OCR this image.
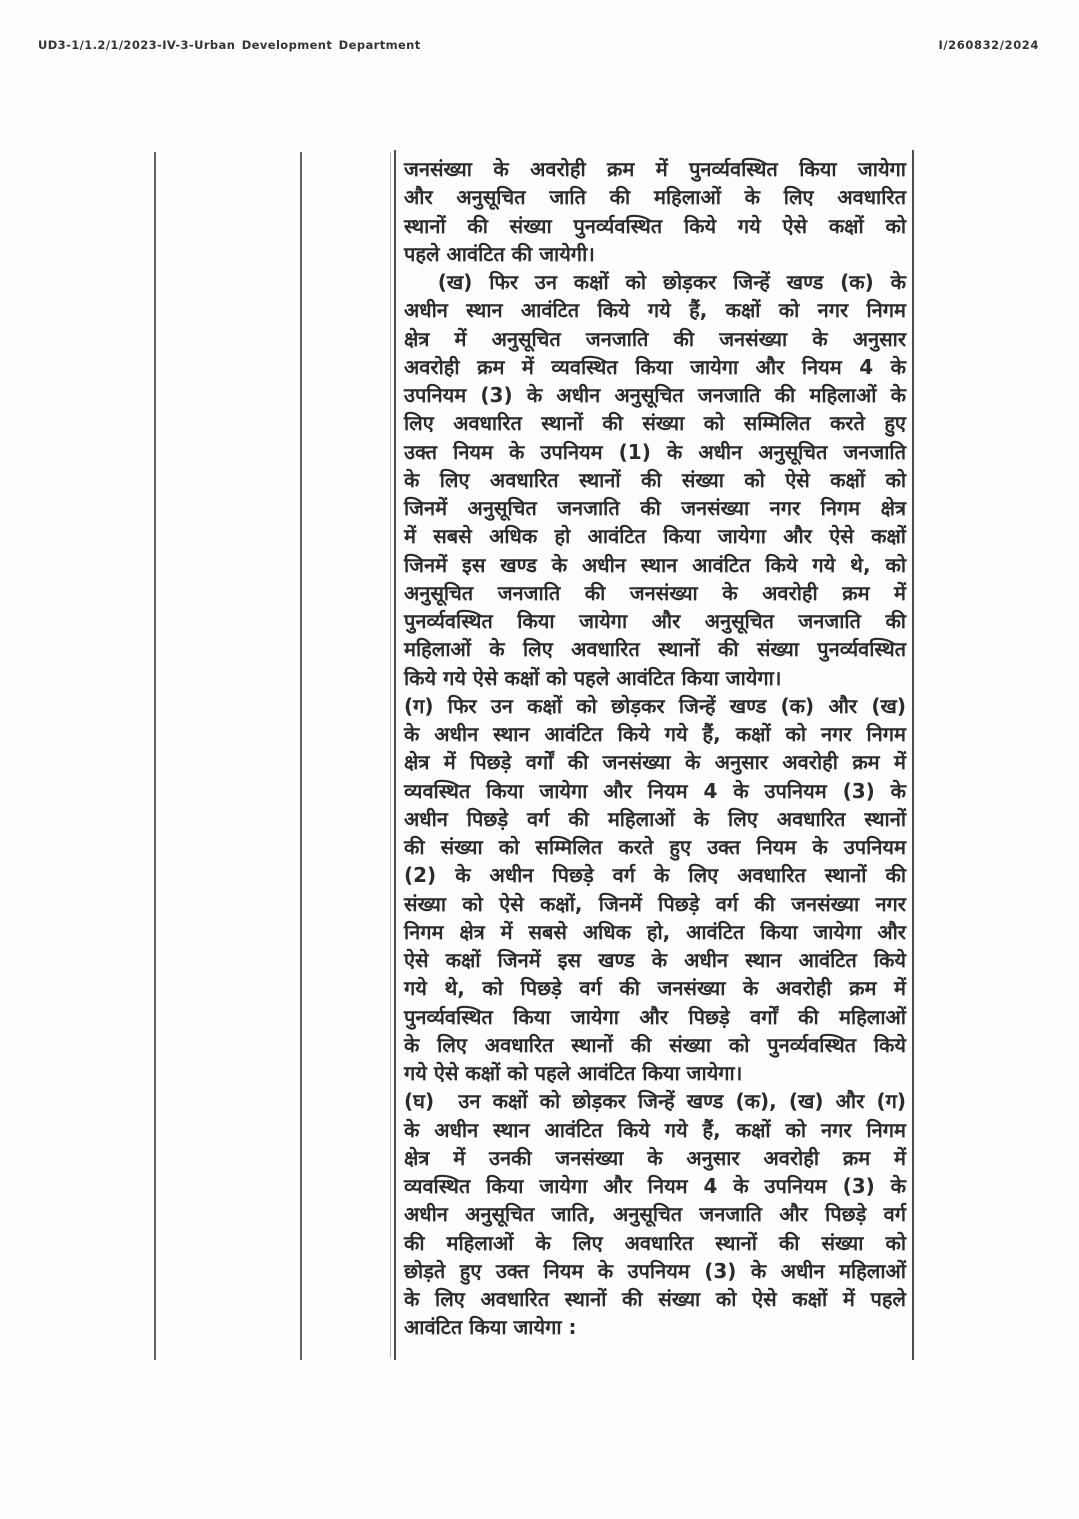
UD3-1/1.2/1/2023-IV-3-Urban Development Department	I/260832/2024
जनसंख्या के अवरोही क्रम में पुनर्व्यवस्थित किया जायेगा
और अनुसूचित जाति की महिलाओं के लिए अवधारित
स्थानों की संख्या पुनर्व्यवस्थित किये गये ऐसे कक्षों को
पहले आवंटित की जायेगी।
(ख) फिर उन कक्षों को छोड़कर जिन्हें खण्ड (क) के
अधीन स्थान आवंटित किये गये हैं, कक्षों को नगर निगम
क्षेत्र में अनुसूचित जनजाति की जनसंख्या के अनुसार
अवरोही क्रम में व्यवस्थित किया जायेगा और नियम 4 के
उपनियम (3) के अधीन अनुसूचित जनजाति की महिलाओं के
लिए अवधारित स्थानों की संख्या को सम्मिलित करते हुए
उक्त नियम के उपनियम (1) के अधीन अनुसूचित जनजाति
के लिए अवधारित स्थानों की संख्या को ऐसे कक्षों को
जिनमें अनुसूचित जनजाति की जनसंख्या नगर निगम क्षेत्र
में सबसे अधिक हो आवंटित किया जायेगा और ऐसे कक्षों
जिनमें इस खण्ड के अधीन स्थान आवंटित किये गये थे, को
अनुसूचित जनजाति की जनसंख्या के अवरोही क्रम में
पुनर्व्यवस्थित किया जायेगा और अनुसूचित जनजाति की
महिलाओं के लिए अवधारित स्थानों की संख्या पुनर्व्यवस्थित
किये गये ऐसे कक्षों को पहले आवंटित किया जायेगा।
(ग) फिर उन कक्षों को छोड़कर जिन्हें खण्ड (क) और (ख)
के अधीन स्थान आवंटित किये गये हैं, कक्षों को नगर निगम
क्षेत्र में पिछड़े वर्गों की जनसंख्या के अनुसार अवरोही क्रम में
व्यवस्थित किया जायेगा और नियम 4 के उपनियम (3) के
अधीन पिछड़े वर्ग की महिलाओं के लिए अवधारित स्थानों
की संख्या को सम्मिलित करते हुए उक्त नियम के उपनियम
(2) के अधीन पिछड़े वर्ग के लिए अवधारित स्थानों की
संख्या को ऐसे कक्षों, जिनमें पिछड़े वर्ग की जनसंख्या नगर
निगम क्षेत्र में सबसे अधिक हो, आवंटित किया जायेगा और
ऐसे कक्षों जिनमें इस खण्ड के अधीन स्थान आवंटित किये
गये थे, को पिछड़े वर्ग की जनसंख्या के अवरोही क्रम में
पुनर्व्यवस्थित किया जायेगा और पिछड़े वर्गों की महिलाओं
के लिए अवधारित स्थानों की संख्या को पुनर्व्यवस्थित किये
गये ऐसे कक्षों को पहले आवंटित किया जायेगा।
(घ)  उन कक्षों को छोड़कर जिन्हें खण्ड (क), (ख) और (ग)
के अधीन स्थान आवंटित किये गये हैं, कक्षों को नगर निगम
क्षेत्र में उनकी जनसंख्या के अनुसार अवरोही क्रम में
व्यवस्थित किया जायेगा और नियम 4 के उपनियम (3) के
अधीन अनुसूचित जाति, अनुसूचित जनजाति और पिछड़े वर्ग
की महिलाओं के लिए अवधारित स्थानों की संख्या को
छोड़ते हुए उक्त नियम के उपनियम (3) के अधीन महिलाओं
के लिए अवधारित स्थानों की संख्या को ऐसे कक्षों में पहले
आवंटित किया जायेगा :
